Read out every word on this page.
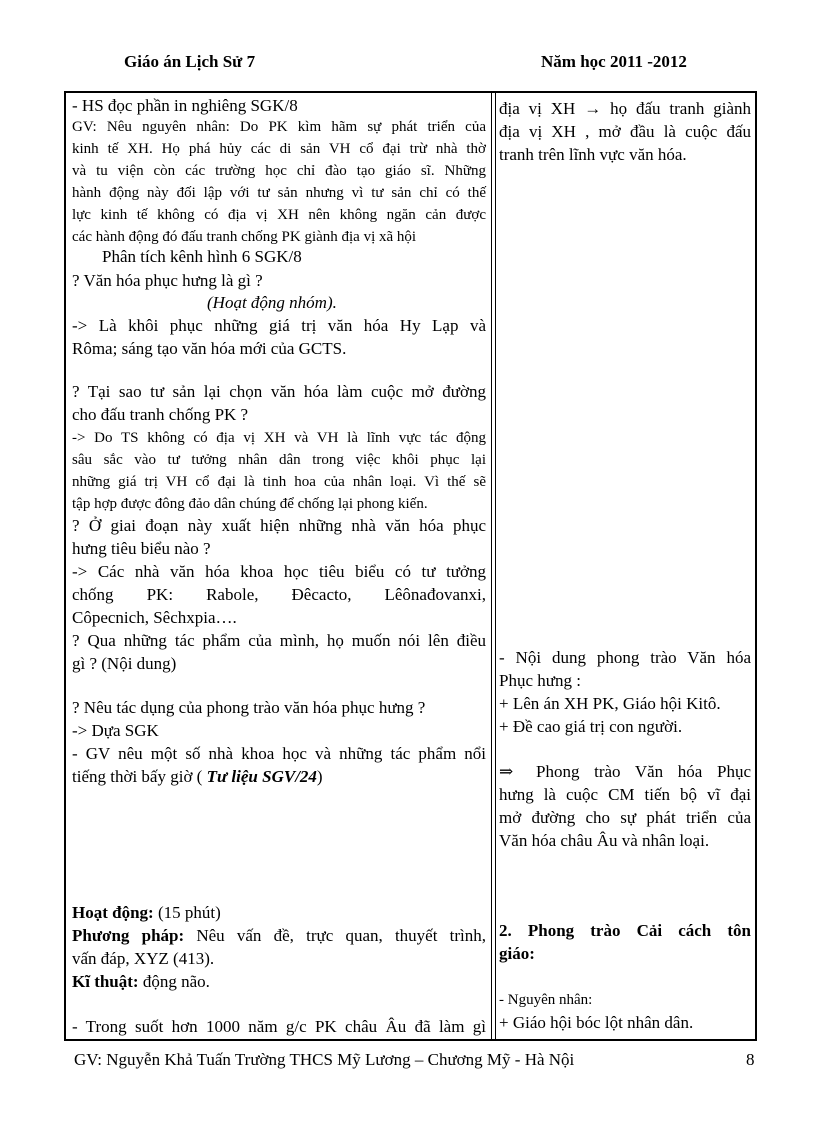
Giáo án Lịch Sử 7	Năm học 2011 -2012
- HS đọc phần in nghiêng SGK/8
GV: Nêu nguyên nhân: Do PK kìm hãm sự phát triển của
kinh tế XH. Họ phá hủy các di sản VH cổ đại trừ nhà thờ
và tu viện còn các trường học chỉ đào tạo giáo sĩ. Những
hành động này đối lập với tư sản nhưng vì tư sản chỉ có thế
lực kinh tế không có địa vị XH nên không ngăn cản được
các hành động đó đấu tranh chống PK giành địa vị xã hội
Phân tích kênh hình 6 SGK/8
? Văn hóa phục hưng là gì ?
(Hoạt động nhóm).
-> Là khôi phục những giá trị văn hóa Hy Lạp và
Rôma; sáng tạo văn hóa mới của GCTS.
? Tại sao tư sản lại chọn văn hóa làm cuộc mở đường
cho đấu tranh chống PK ?
-> Do TS không có địa vị XH và VH là lĩnh vực tác động
sâu sắc vào tư tưởng nhân dân trong việc khôi phục lại
những giá trị VH cổ đại là tinh hoa của nhân loại. Vì thế sẽ
tập hợp được đông đảo dân chúng để chống lại phong kiến.
? Ở giai đoạn này xuất hiện những nhà văn hóa phục
hưng tiêu biểu nào ?
-> Các nhà văn hóa khoa học tiêu biểu có tư tưởng
chống PK: Rabole, Đêcacto, Lêônađovanxi,
Côpecnich, Sêchxpia….
? Qua những tác phẩm của mình, họ muốn nói lên điều
gì ? (Nội dung)
? Nêu tác dụng của phong trào văn hóa phục hưng ?
-> Dựa SGK
- GV nêu một số nhà khoa học và những tác phẩm nổi
tiếng thời bấy giờ ( Tư liệu SGV/24)
Hoạt động: (15 phút)
Phương pháp: Nêu vấn đề, trực quan, thuyết trình,
vấn đáp, XYZ (413).
Kĩ thuật: động não.
- Trong suốt hơn 1000 năm g/c PK châu Âu đã làm gì
địa vị XH → họ đấu tranh giành
địa vị XH , mở đầu là cuộc đấu
tranh trên lĩnh vực văn hóa.
- Nội dung phong trào Văn hóa
Phục hưng :
+ Lên án XH PK, Giáo hội Kitô.
+ Đề cao giá trị con người.
⇒ Phong trào Văn hóa Phục
hưng là cuộc CM tiến bộ vĩ đại
mở đường cho sự phát triển của
Văn hóa châu Âu và nhân loại.
2. Phong trào Cải cách tôn
giáo:
- Nguyên nhân:
+ Giáo hội bóc lột nhân dân.
GV: Nguyễn Khả Tuấn Trường THCS Mỹ Lương – Chương Mỹ - Hà Nội	8
